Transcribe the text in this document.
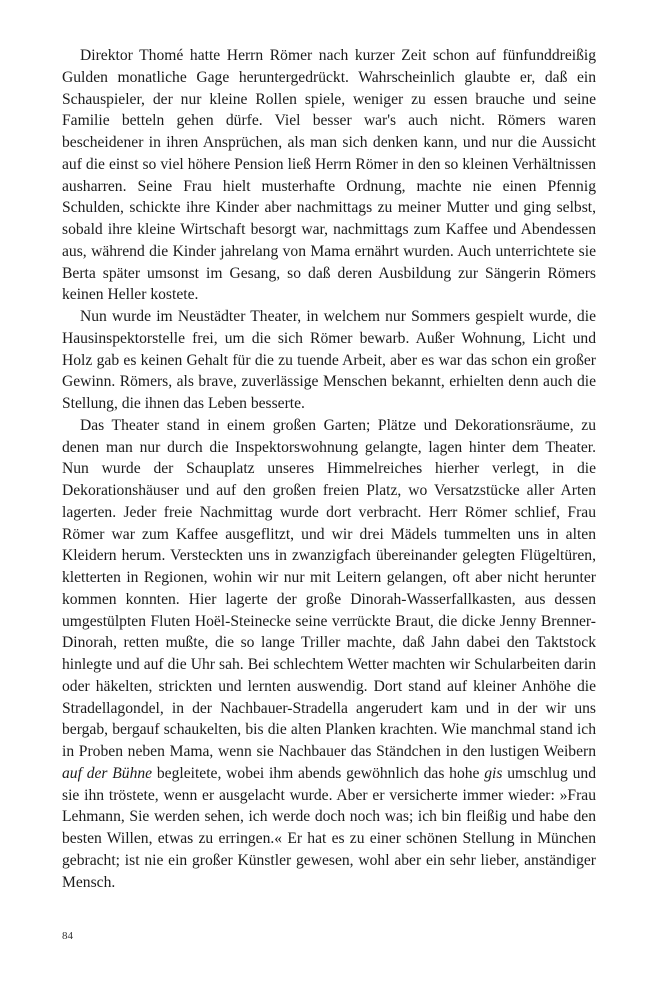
Direktor Thomé hatte Herrn Römer nach kurzer Zeit schon auf fünfunddreißig Gulden monatliche Gage heruntergedrückt. Wahrscheinlich glaubte er, daß ein Schauspieler, der nur kleine Rollen spiele, weniger zu essen brauche und seine Familie betteln gehen dürfe. Viel besser war's auch nicht. Römers waren bescheidener in ihren Ansprüchen, als man sich denken kann, und nur die Aussicht auf die einst so viel höhere Pension ließ Herrn Römer in den so kleinen Verhältnissen ausharren. Seine Frau hielt musterhafte Ordnung, machte nie einen Pfennig Schulden, schickte ihre Kinder aber nachmittags zu meiner Mutter und ging selbst, sobald ihre kleine Wirtschaft besorgt war, nachmittags zum Kaffee und Abendessen aus, während die Kinder jahrelang von Mama ernährt wurden. Auch unterrichtete sie Berta später umsonst im Gesang, so daß deren Ausbildung zur Sängerin Römers keinen Heller kostete.

Nun wurde im Neustädter Theater, in welchem nur Sommers gespielt wurde, die Hausinspektorstelle frei, um die sich Römer bewarb. Außer Wohnung, Licht und Holz gab es keinen Gehalt für die zu tuende Arbeit, aber es war das schon ein großer Gewinn. Römers, als brave, zuverlässige Menschen bekannt, erhielten denn auch die Stellung, die ihnen das Leben besserte.

Das Theater stand in einem großen Garten; Plätze und Dekorationsräume, zu denen man nur durch die Inspektorswohnung gelangte, lagen hinter dem Theater. Nun wurde der Schauplatz unseres Himmelreiches hierher verlegt, in die Dekorationshäuser und auf den großen freien Platz, wo Versatzstücke aller Arten lagerten. Jeder freie Nachmittag wurde dort verbracht. Herr Römer schlief, Frau Römer war zum Kaffee ausgeflitzt, und wir drei Mädels tummelten uns in alten Kleidern herum. Versteckten uns in zwanzigfach übereinander gelegten Flügeltüren, kletterten in Regionen, wohin wir nur mit Leitern gelangen, oft aber nicht herunter kommen konnten. Hier lagerte der große Dinorah-Wasserfallkasten, aus dessen umgestülpten Fluten Hoël-Steinecke seine verrückte Braut, die dicke Jenny Brenner-Dinorah, retten mußte, die so lange Triller machte, daß Jahn dabei den Taktstock hinlegte und auf die Uhr sah. Bei schlechtem Wetter machten wir Schularbeiten darin oder häkelten, strickten und lernten auswendig. Dort stand auf kleiner Anhöhe die Stradellagondel, in der Nachbauer-Stradella angerudert kam und in der wir uns bergab, bergauf schaukelten, bis die alten Planken krachten. Wie manchmal stand ich in Proben neben Mama, wenn sie Nachbauer das Ständchen in den lustigen Weibern auf der Bühne begleitete, wobei ihm abends gewöhnlich das hohe gis umschlug und sie ihn tröstete, wenn er ausgelacht wurde. Aber er versicherte immer wieder: »Frau Lehmann, Sie werden sehen, ich werde doch noch was; ich bin fleißig und habe den besten Willen, etwas zu erringen.« Er hat es zu einer schönen Stellung in München gebracht; ist nie ein großer Künstler gewesen, wohl aber ein sehr lieber, anständiger Mensch.

84
